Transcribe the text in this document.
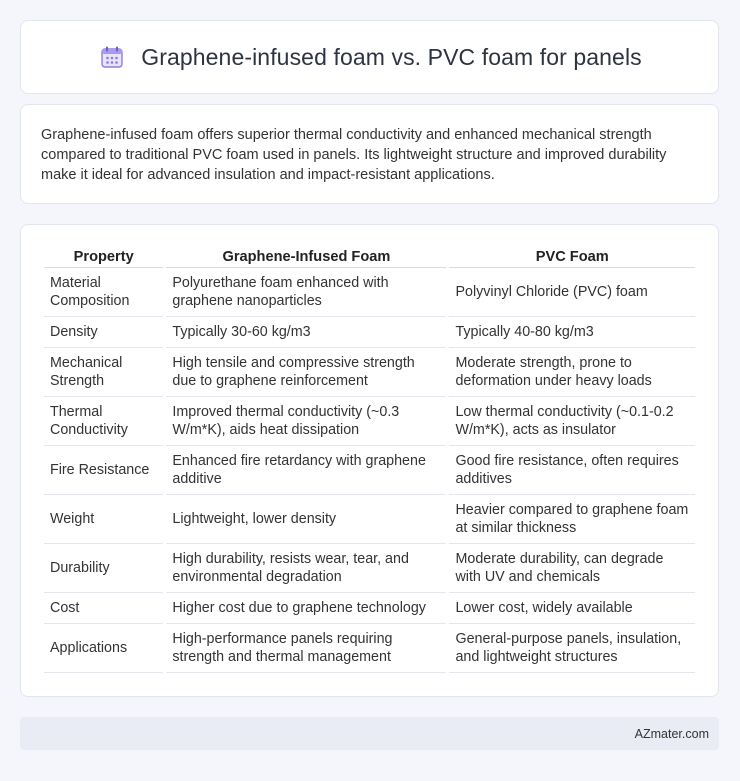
Graphene-infused foam vs. PVC foam for panels

Graphene-infused foam offers superior thermal conductivity and enhanced mechanical strength compared to traditional PVC foam used in panels. Its lightweight structure and improved durability make it ideal for advanced insulation and impact-resistant applications.

Property	Graphene-Infused Foam	PVC Foam
Material Composition	Polyurethane foam enhanced with graphene nanoparticles	Polyvinyl Chloride (PVC) foam
Density	Typically 30-60 kg/m3	Typically 40-80 kg/m3
Mechanical Strength	High tensile and compressive strength due to graphene reinforcement	Moderate strength, prone to deformation under heavy loads
Thermal Conductivity	Improved thermal conductivity (~0.3 W/m*K), aids heat dissipation	Low thermal conductivity (~0.1-0.2 W/m*K), acts as insulator
Fire Resistance	Enhanced fire retardancy with graphene additive	Good fire resistance, often requires additives
Weight	Lightweight, lower density	Heavier compared to graphene foam at similar thickness
Durability	High durability, resists wear, tear, and environmental degradation	Moderate durability, can degrade with UV and chemicals
Cost	Higher cost due to graphene technology	Lower cost, widely available
Applications	High-performance panels requiring strength and thermal management	General-purpose panels, insulation, and lightweight structures
AZmater.com
